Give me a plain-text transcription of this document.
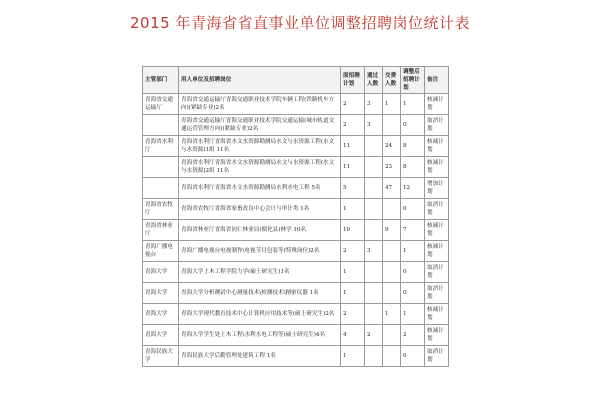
2015 年青海省省直事业单位调整招聘岗位统计表
主管部门	用人单位及招聘岗位	原招聘计划	通过人数	交费人数	调整后招聘计划	备注
青海省交通运输厅	青海省交通运输厅青海交通职业技术学院车辆工程(铁路机车方向)(紧缺专业)2名	2	3	1	1	核减计划
	青海省交通运输厅青海交通职业技术学院交通运输(城市轨道交通运营管理方向)(紧缺专业)2名	2	3		0	取消计划
青海省水利厅	青海省水利厅青海省水文水资源勘测局水文与水资源工程(水文与水资源)1组 11名	11		24	8	核减计划
	青海省水利厅青海省水文水资源勘测局水文与水资源工程(水文与水资源)2组 11名	11		23	8	核减计划
	青海省水利厅青海省水文水资源勘测局水利水电工程 5名	5		47	12	增加计划
青海省农牧厅	青海省农牧厅青海省家畜改良中心会计与审计类 1名	1			0	取消计划
青海省林业厅	青海省林业厅青海省同仁林业局(循化县)林学 10名	10		9	7	核减计划
青海广播电视台	青海广播电视台电视制作\电视节目包装等(特殊岗位)2名	2	3		1	核减计划
青海大学	青海大学土木工程学院力学(硕士研究生)1名	1			0	取消计划
青海大学	青海大学分析测试中心测量技术\检测技术\精密仪器 1名	1			0	取消计划
青海大学	青海大学现代教育技术中心计算机应用技术等(硕士研究生)2名	2		1	1	核减计划
青海大学	青海大学学生处土木工程\水利水电工程等(硕士研究生)4名	4	2		2	核减计划
青海民族大学	青海民族大学后勤管理处建筑工程 1名	1			0	取消计划
